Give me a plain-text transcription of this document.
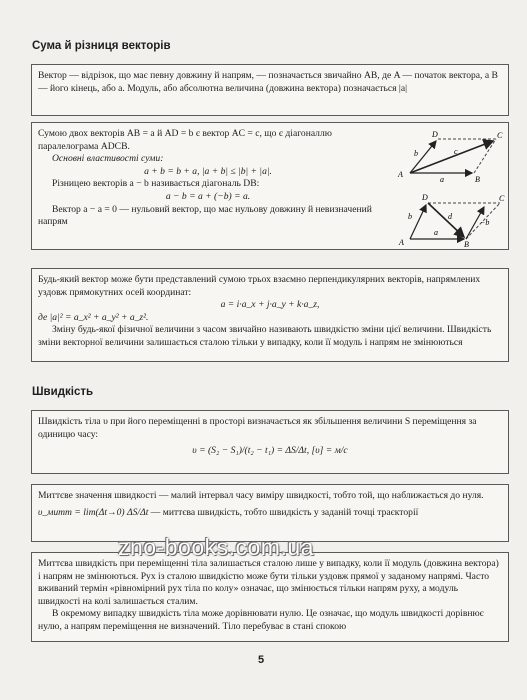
Сума й різниця векторів

Вектор — відрізок, що має певну довжину й напрям, — позначається звичайно AB, де A — початок вектора, а B — його кінець, або a. Модуль, або абсолютна величина (довжина вектора) позначається |a|

Сумою двох векторів AB = a й AD = b є вектор AC = c, що є діагоналлю паралелограма ADCB.

Основні властивості суми:

a + b = b + a, |a + b| ≤ |b| + |a|.

Різницею векторів a − b називається діагональ DB:

a − b = a + (−b) = a.

Вектор a − a = 0 — нульовий вектор, що має нульову довжину й невизначений напрям

D	C
c
b
a
A
B
D	C
d
b
a
−b
A	B

Будь-який вектор може бути представлений сумою трьох взаємно перпендикулярних векторів, напрямлених уздовж прямокутних осей координат:

a = i·a_x + j·a_y + k·a_z,

де |a|² = a_x² + a_y² + a_z².

Зміну будь-якої фізичної величини з часом звичайно називають швидкістю зміни цієї величини. Швидкість зміни векторної величини залишається сталою тільки у випадку, коли її модуль і напрям не змінюються

Швидкість

Швидкість тіла υ при його переміщенні в просторі визначається як збільшення величини S переміщення за одиницю часу:

υ = (S₂ − S₁)/(t₂ − t₁) = ΔS/Δt, [υ] = м/с

Миттєве значення швидкості — малий інтервал часу виміру швидкості, тобто той, що наближається до нуля.

υ_митт = lim(Δt→0) ΔS/Δt — миттєва швидкість, тобто швидкість у заданій точці траєкторії

Миттєва швидкість при переміщенні тіла залишається сталою лише у випадку, коли її модуль (довжина вектора) і напрям не змінюються. Рух із сталою швидкістю може бути тільки уздовж прямої у заданому напрямі. Часто вживаний термін «рівномірний рух тіла по колу» означає, що змінюється тільки напрям руху, а модуль швидкості на колі залишається сталим.

В окремому випадку швидкість тіла може дорівнювати нулю. Це означає, що модуль швидкості дорівнює нулю, а напрям переміщення не визначений. Тіло перебуває в стані спокою

zno-books.com.ua
5
